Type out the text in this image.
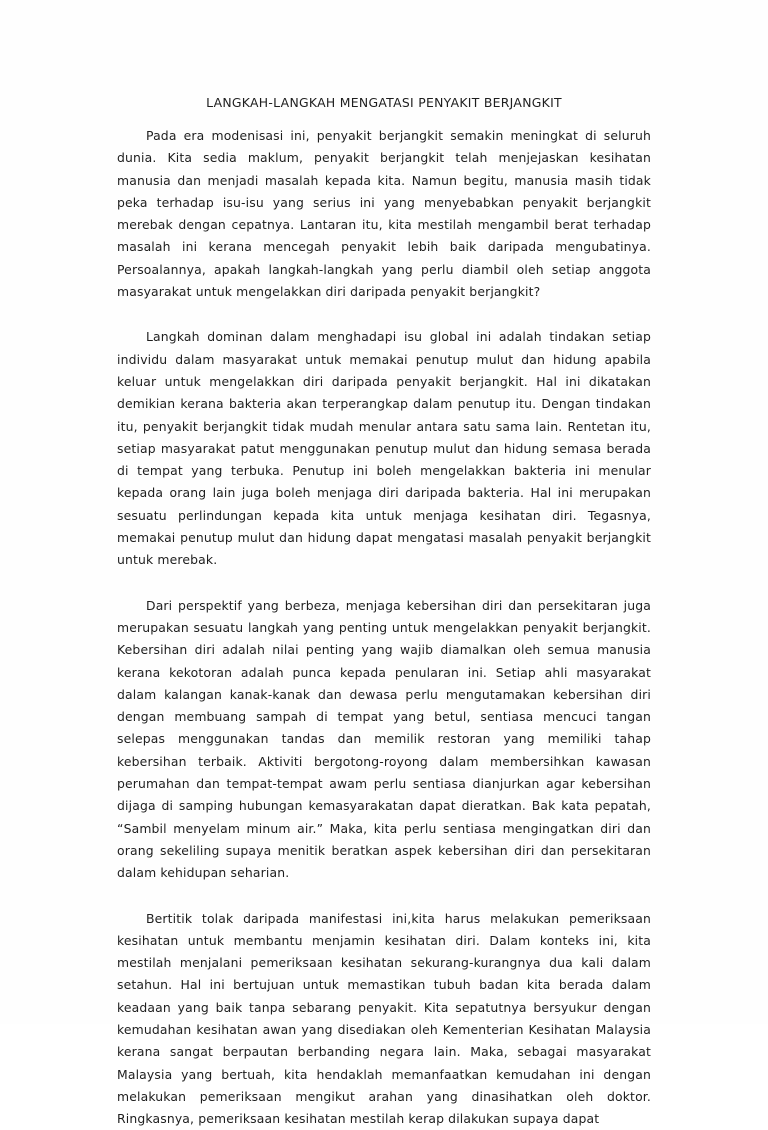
LANGKAH-LANGKAH MENGATASI PENYAKIT BERJANGKIT

Pada era modenisasi ini, penyakit berjangkit semakin meningkat di seluruh dunia. Kita sedia maklum, penyakit berjangkit telah menjejaskan kesihatan manusia dan menjadi masalah kepada kita. Namun begitu, manusia masih tidak peka terhadap isu-isu yang serius ini yang menyebabkan penyakit berjangkit merebak dengan cepatnya. Lantaran itu, kita mestilah mengambil berat terhadap masalah ini kerana mencegah penyakit lebih baik daripada mengubatinya. Persoalannya, apakah langkah-langkah yang perlu diambil oleh setiap anggota masyarakat untuk mengelakkan diri daripada penyakit berjangkit?

Langkah dominan dalam menghadapi isu global ini adalah tindakan setiap individu dalam masyarakat untuk memakai penutup mulut dan hidung apabila keluar untuk mengelakkan diri daripada penyakit berjangkit. Hal ini dikatakan demikian kerana bakteria akan terperangkap dalam penutup itu. Dengan tindakan itu, penyakit berjangkit tidak mudah menular antara satu sama lain. Rentetan itu, setiap masyarakat patut menggunakan penutup mulut dan hidung semasa berada di tempat yang terbuka. Penutup ini boleh mengelakkan bakteria ini menular kepada orang lain juga boleh menjaga diri daripada bakteria. Hal ini merupakan sesuatu perlindungan kepada kita untuk menjaga kesihatan diri. Tegasnya, memakai penutup mulut dan hidung dapat mengatasi masalah penyakit berjangkit untuk merebak.

Dari perspektif yang berbeza, menjaga kebersihan diri dan persekitaran juga merupakan sesuatu langkah yang penting untuk mengelakkan penyakit berjangkit. Kebersihan diri adalah nilai penting yang wajib diamalkan oleh semua manusia kerana kekotoran adalah punca kepada penularan ini. Setiap ahli masyarakat dalam kalangan kanak-kanak dan dewasa perlu mengutamakan kebersihan diri dengan membuang sampah di tempat yang betul, sentiasa mencuci tangan selepas menggunakan tandas dan memilik restoran yang memiliki tahap kebersihan terbaik. Aktiviti bergotong-royong dalam membersihkan kawasan perumahan dan tempat-tempat awam perlu sentiasa dianjurkan agar kebersihan dijaga di samping hubungan kemasyarakatan dapat dieratkan. Bak kata pepatah, “Sambil menyelam minum air.” Maka, kita perlu sentiasa mengingatkan diri dan orang sekeliling supaya menitik beratkan aspek kebersihan diri dan persekitaran dalam kehidupan seharian.

Bertitik tolak daripada manifestasi ini,kita harus melakukan pemeriksaan kesihatan untuk membantu menjamin kesihatan diri. Dalam konteks ini, kita mestilah menjalani pemeriksaan kesihatan sekurang-kurangnya dua kali dalam setahun. Hal ini bertujuan untuk memastikan tubuh badan kita berada dalam keadaan yang baik tanpa sebarang penyakit. Kita sepatutnya bersyukur dengan kemudahan kesihatan awan yang disediakan oleh Kementerian Kesihatan Malaysia kerana sangat berpautan berbanding negara lain. Maka, sebagai masyarakat Malaysia yang bertuah, kita hendaklah memanfaatkan kemudahan ini dengan melakukan pemeriksaan mengikut arahan yang dinasihatkan oleh doktor. Ringkasnya, pemeriksaan kesihatan mestilah kerap dilakukan supaya dapat
